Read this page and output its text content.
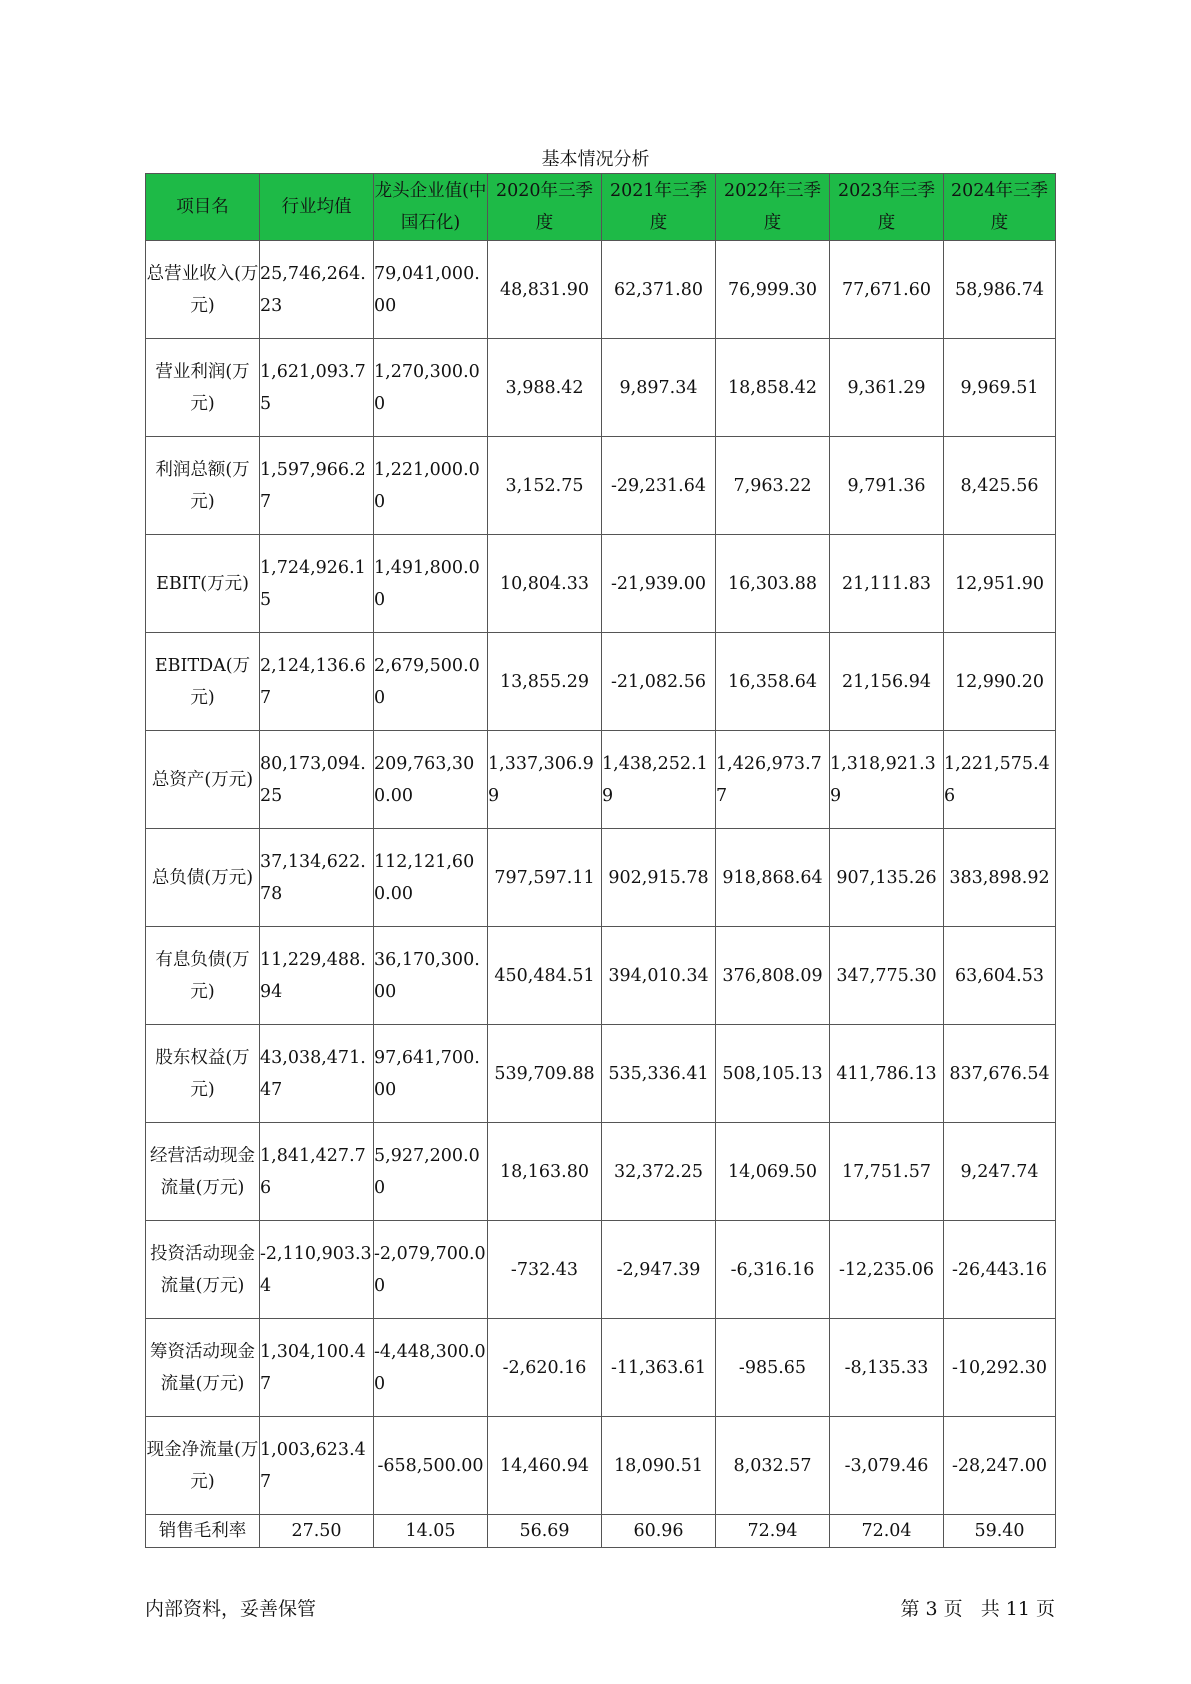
基本情况分析
项目名	行业均值	龙头企业值(中国石化)	2020年三季度	2021年三季度	2022年三季度	2023年三季度	2024年三季度
总营业收入(万元)	25,746,264.23	79,041,000.00	48,831.90	62,371.80	76,999.30	77,671.60	58,986.74
营业利润(万元)	1,621,093.75	1,270,300.00	3,988.42	9,897.34	18,858.42	9,361.29	9,969.51
利润总额(万元)	1,597,966.27	1,221,000.00	3,152.75	-29,231.64	7,963.22	9,791.36	8,425.56
EBIT(万元)	1,724,926.15	1,491,800.00	10,804.33	-21,939.00	16,303.88	21,111.83	12,951.90
EBITDA(万元)	2,124,136.67	2,679,500.00	13,855.29	-21,082.56	16,358.64	21,156.94	12,990.20
总资产(万元)	80,173,094.25	209,763,300.00	1,337,306.99	1,438,252.19	1,426,973.77	1,318,921.39	1,221,575.46
总负债(万元)	37,134,622.78	112,121,600.00	797,597.11	902,915.78	918,868.64	907,135.26	383,898.92
有息负债(万元)	11,229,488.94	36,170,300.00	450,484.51	394,010.34	376,808.09	347,775.30	63,604.53
股东权益(万元)	43,038,471.47	97,641,700.00	539,709.88	535,336.41	508,105.13	411,786.13	837,676.54
经营活动现金流量(万元)	1,841,427.76	5,927,200.00	18,163.80	32,372.25	14,069.50	17,751.57	9,247.74
投资活动现金流量(万元)	-2,110,903.34	-2,079,700.00	-732.43	-2,947.39	-6,316.16	-12,235.06	-26,443.16
筹资活动现金流量(万元)	1,304,100.47	-4,448,300.00	-2,620.16	-11,363.61	-985.65	-8,135.33	-10,292.30
现金净流量(万元)	1,003,623.47	-658,500.00	14,460.94	18,090.51	8,032.57	-3,079.46	-28,247.00
销售毛利率	27.50	14.05	56.69	60.96	72.94	72.04	59.40
内部资料，妥善保管	第 3 页   共 11 页
